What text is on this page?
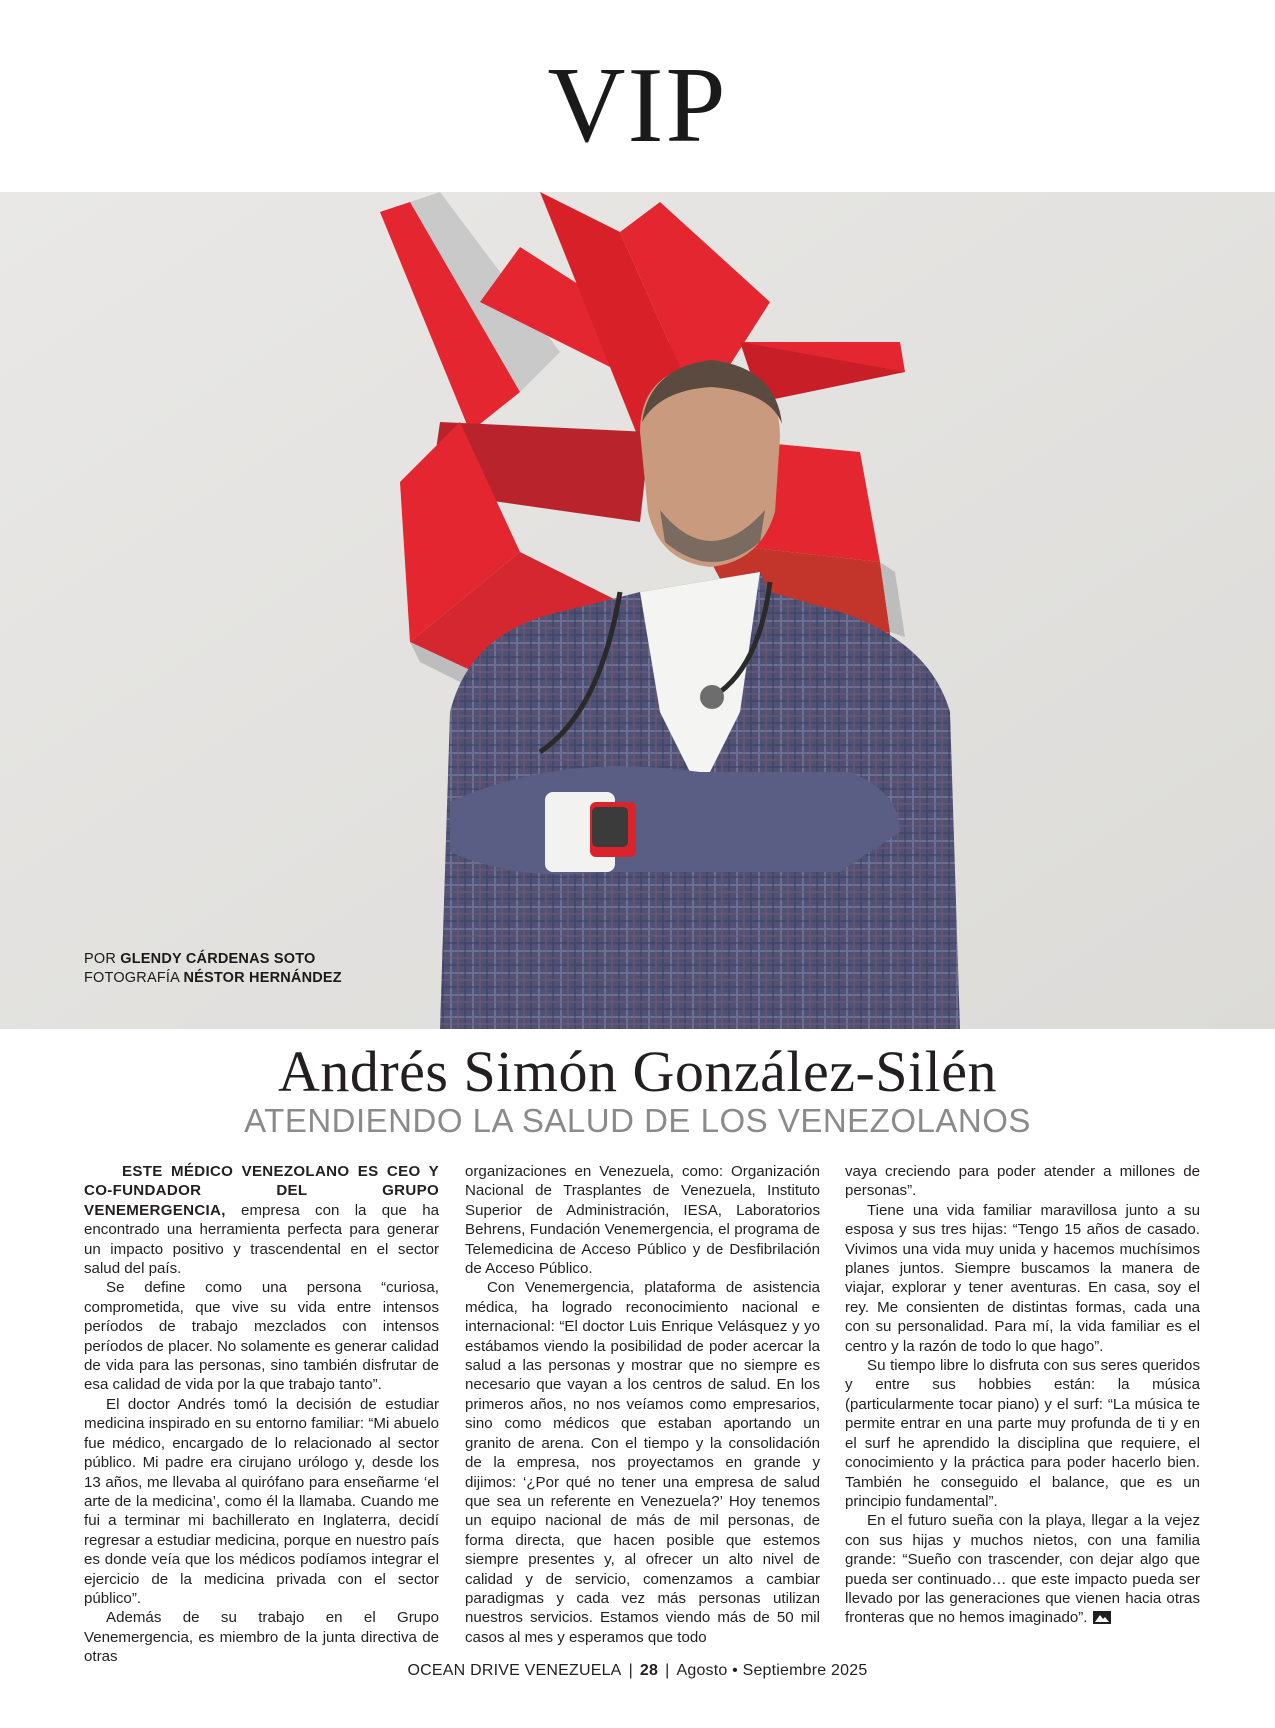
VIP
POR GLENDY CÁRDENAS SOTO
FOTOGRAFÍA NÉSTOR HERNÁNDEZ
Andrés Simón González-Silén
ATENDIENDO LA SALUD DE LOS VENEZOLANOS

ESTE MÉDICO VENEZOLANO ES CEO Y CO-FUNDADOR DEL GRUPO VENEMERGENCIA, empresa con la que ha encontrado una herramienta perfecta para generar un impacto positivo y trascendental en el sector salud del país.

Se define como una persona “curiosa, comprometida, que vive su vida entre intensos períodos de trabajo mezclados con intensos períodos de placer. No solamente es generar calidad de vida para las personas, sino también disfrutar de esa calidad de vida por la que trabajo tanto”.

El doctor Andrés tomó la decisión de estudiar medicina inspirado en su entorno familiar: “Mi abuelo fue médico, encargado de lo relacionado al sector público. Mi padre era cirujano urólogo y, desde los 13 años, me llevaba al quirófano para enseñarme ‘el arte de la medicina’, como él la llamaba. Cuando me fui a terminar mi bachillerato en Inglaterra, decidí regresar a estudiar medicina, porque en nuestro país es donde veía que los médicos podíamos integrar el ejercicio de la medicina privada con el sector público”.

Además de su trabajo en el Grupo Venemergencia, es miembro de la junta directiva de otras

organizaciones en Venezuela, como: Organización Nacional de Trasplantes de Venezuela, Instituto Superior de Administración, IESA, Laboratorios Behrens, Fundación Venemergencia, el programa de Telemedicina de Acceso Público y de Desfibrilación de Acceso Público.

Con Venemergencia, plataforma de asistencia médica, ha logrado reconocimiento nacional e internacional: “El doctor Luis Enrique Velásquez y yo estábamos viendo la posibilidad de poder acercar la salud a las personas y mostrar que no siempre es necesario que vayan a los centros de salud. En los primeros años, no nos veíamos como empresarios, sino como médicos que estaban aportando un granito de arena. Con el tiempo y la consolidación de la empresa, nos proyectamos en grande y dijimos: ‘¿Por qué no tener una empresa de salud que sea un referente en Venezuela?’ Hoy tenemos un equipo nacional de más de mil personas, de forma directa, que hacen posible que estemos siempre presentes y, al ofrecer un alto nivel de calidad y de servicio, comenzamos a cambiar paradigmas y cada vez más personas utilizan nuestros servicios. Estamos viendo más de 50 mil casos al mes y esperamos que todo

vaya creciendo para poder atender a millones de personas”.

Tiene una vida familiar maravillosa junto a su esposa y sus tres hijas: “Tengo 15 años de casado. Vivimos una vida muy unida y hacemos muchísimos planes juntos. Siempre buscamos la manera de viajar, explorar y tener aventuras. En casa, soy el rey. Me consienten de distintas formas, cada una con su personalidad. Para mí, la vida familiar es el centro y la razón de todo lo que hago”.

Su tiempo libre lo disfruta con sus seres queridos y entre sus hobbies están: la música (particularmente tocar piano) y el surf: “La música te permite entrar en una parte muy profunda de ti y en el surf he aprendido la disciplina que requiere, el conocimiento y la práctica para poder hacerlo bien. También he conseguido el balance, que es un principio fundamental”.

En el futuro sueña con la playa, llegar a la vejez con sus hijas y muchos nietos, con una familia grande: “Sueño con trascender, con dejar algo que pueda ser continuado… que este impacto pueda ser llevado por las generaciones que vienen hacia otras fronteras que no hemos imaginado”.

OCEAN DRIVE VENEZUELA | 28 | Agosto • Septiembre 2025
